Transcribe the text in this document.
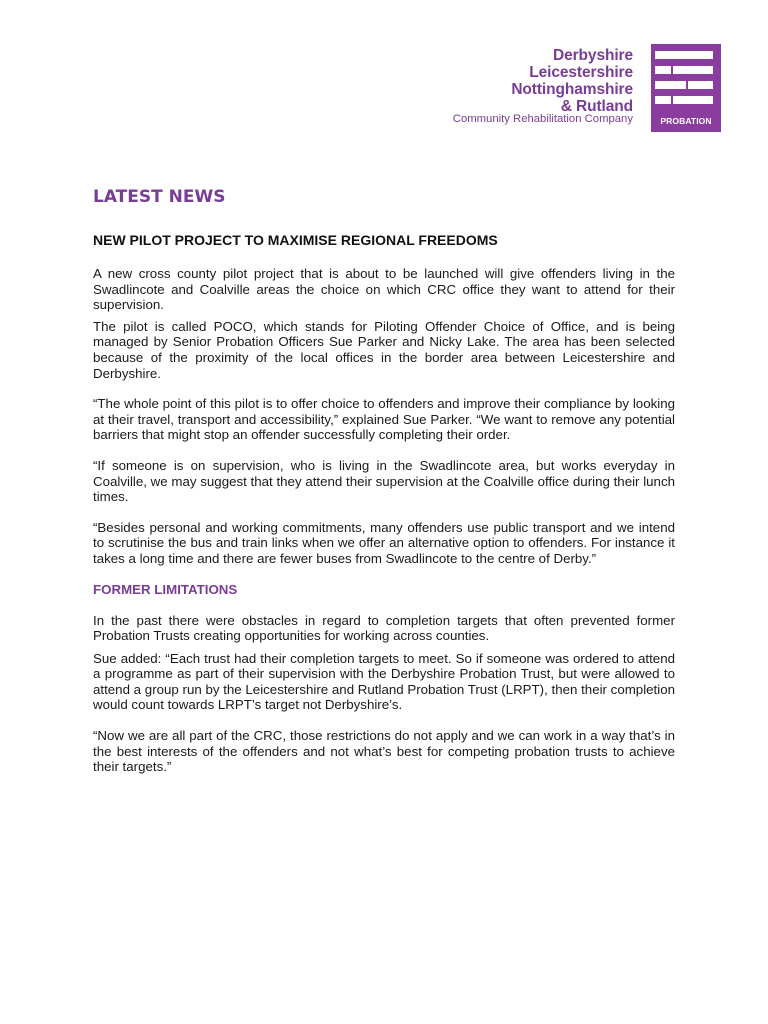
Derbyshire
Leicestershire
Nottinghamshire
& Rutland
Community Rehabilitation Company	PROBATION
LATEST NEWS
NEW PILOT PROJECT TO MAXIMISE REGIONAL FREEDOMS

A new cross county pilot project that is about to be launched will give offenders living in the Swadlincote and Coalville areas the choice on which CRC office they want to attend for their supervision.

The pilot is called POCO, which stands for Piloting Offender Choice of Office, and is being managed by Senior Probation Officers Sue Parker and Nicky Lake. The area has been selected because of the proximity of the local offices in the border area between Leicestershire and Derbyshire.

“The whole point of this pilot is to offer choice to offenders and improve their compliance by looking at their travel, transport and accessibility,” explained Sue Parker. “We want to remove any potential barriers that might stop an offender successfully completing their order.

“If someone is on supervision, who is living in the Swadlincote area, but works everyday in Coalville, we may suggest that they attend their supervision at the Coalville office during their lunch times.

“Besides personal and working commitments, many offenders use public transport and we intend to scrutinise the bus and train links when we offer an alternative option to offenders. For instance it takes a long time and there are fewer buses from Swadlincote to the centre of Derby.”

FORMER LIMITATIONS

In the past there were obstacles in regard to completion targets that often prevented former Probation Trusts creating opportunities for working across counties.

Sue added: “Each trust had their completion targets to meet. So if someone was ordered to attend a programme as part of their supervision with the Derbyshire Probation Trust, but were allowed to attend a group run by the Leicestershire and Rutland Probation Trust (LRPT), then their completion would count towards LRPT’s target not Derbyshire’s.

“Now we are all part of the CRC, those restrictions do not apply and we can work in a way that’s in the best interests of the offenders and not what’s best for competing probation trusts to achieve their targets.”
